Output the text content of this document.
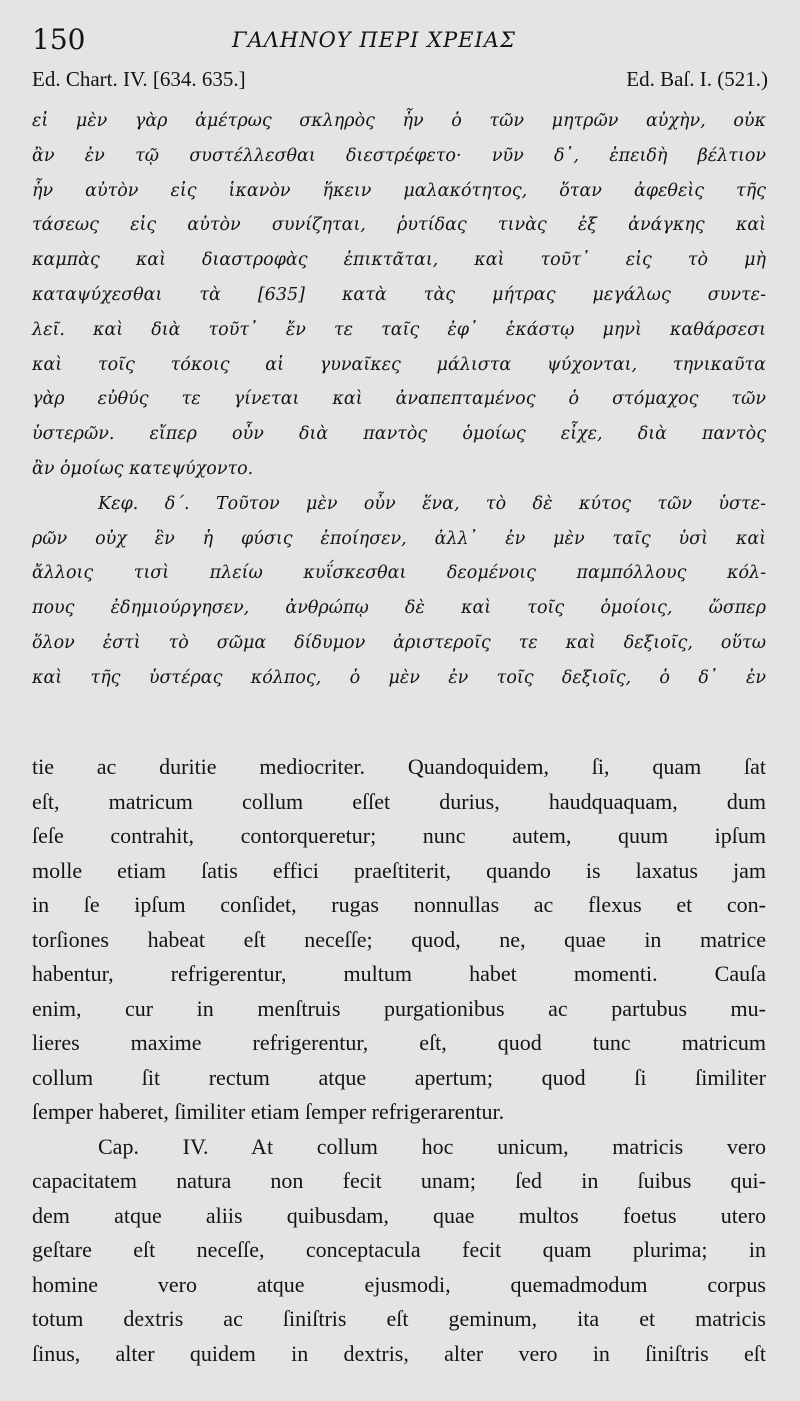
150	ΓΑΛΗΝΟΥ ΠΕΡΙ ΧΡΕΙΑΣ
Ed. Chart. IV. [634. 635.]	Ed. Baſ. I. (521.)
εἰ μὲν γὰρ ἀμέτρως σκληρὸς ἦν ὁ τῶν μητρῶν αὐχὴν, οὐκ
ἂν ἐν τῷ συστέλλεσθαι διεστρέφετο· νῦν δ᾽, ἐπειδὴ βέλτιον
ἦν αὐτὸν εἰς ἱκανὸν ἥκειν μαλακότητος, ὅταν ἀφεθεὶς τῆς
τάσεως εἰς αὐτὸν συνίζηται, ῥυτίδας τινὰς ἐξ ἀνάγκης καὶ
καμπὰς καὶ διαστροφὰς ἐπικτᾶται, καὶ τοῦτ᾽ εἰς τὸ μὴ
καταψύχεσθαι τὰ [635] κατὰ τὰς μήτρας μεγάλως συντε-
λεῖ. καὶ διὰ τοῦτ᾽ ἔν τε ταῖς ἐφ᾽ ἑκάστῳ μηνὶ καθάρσεσι
καὶ τοῖς τόκοις αἱ γυναῖκες μάλιστα ψύχονται, τηνικαῦτα
γὰρ εὐθύς τε γίνεται καὶ ἀναπεπταμένος ὁ στόμαχος τῶν
ὑστερῶν. εἴπερ οὖν διὰ παντὸς ὁμοίως εἶχε, διὰ παντὸς
ἂν ὁμοίως κατεψύχοντο.
Κεφ. δ΄. Τοῦτον μὲν οὖν ἕνα, τὸ δὲ κύτος τῶν ὑστε-
ρῶν οὐχ ἓν ἡ φύσις ἐποίησεν, ἀλλ᾽ ἐν μὲν ταῖς ὑσὶ καὶ
ἄλλοις τισὶ πλείω κυΐσκεσθαι δεομένοις παμπόλλους κόλ-
πους ἐδημιούργησεν, ἀνθρώπῳ δὲ καὶ τοῖς ὁμοίοις, ὥσπερ
ὅλον ἐστὶ τὸ σῶμα δίδυμον ἀριστεροῖς τε καὶ δεξιοῖς, οὕτω
καὶ τῆς ὑστέρας κόλπος, ὁ μὲν ἐν τοῖς δεξιοῖς, ὁ δ᾽ ἐν
tie ac duritie mediocriter. Quandoquidem, ſi, quam ſat
eſt, matricum collum eſſet durius, haudquaquam, dum
ſeſe contrahit, contorqueretur; nunc autem, quum ipſum
molle etiam ſatis effici praeſtiterit, quando is laxatus jam
in ſe ipſum conſidet, rugas nonnullas ac flexus et con-
torſiones habeat eſt neceſſe; quod, ne, quae in matrice
habentur, refrigerentur, multum habet momenti. Cauſa
enim, cur in menſtruis purgationibus ac partubus mu-
lieres maxime refrigerentur, eſt, quod tunc matricum
collum ſit rectum atque apertum; quod ſi ſimiliter
ſemper haberet, ſimiliter etiam ſemper refrigerarentur.
Cap. IV. At collum hoc unicum, matricis vero
capacitatem natura non fecit unam; ſed in ſuibus qui-
dem atque aliis quibusdam, quae multos foetus utero
geſtare eſt neceſſe, conceptacula fecit quam plurima; in
homine vero atque ejusmodi, quemadmodum corpus
totum dextris ac ſiniſtris eſt geminum, ita et matricis
ſinus, alter quidem in dextris, alter vero in ſiniſtris eſt
